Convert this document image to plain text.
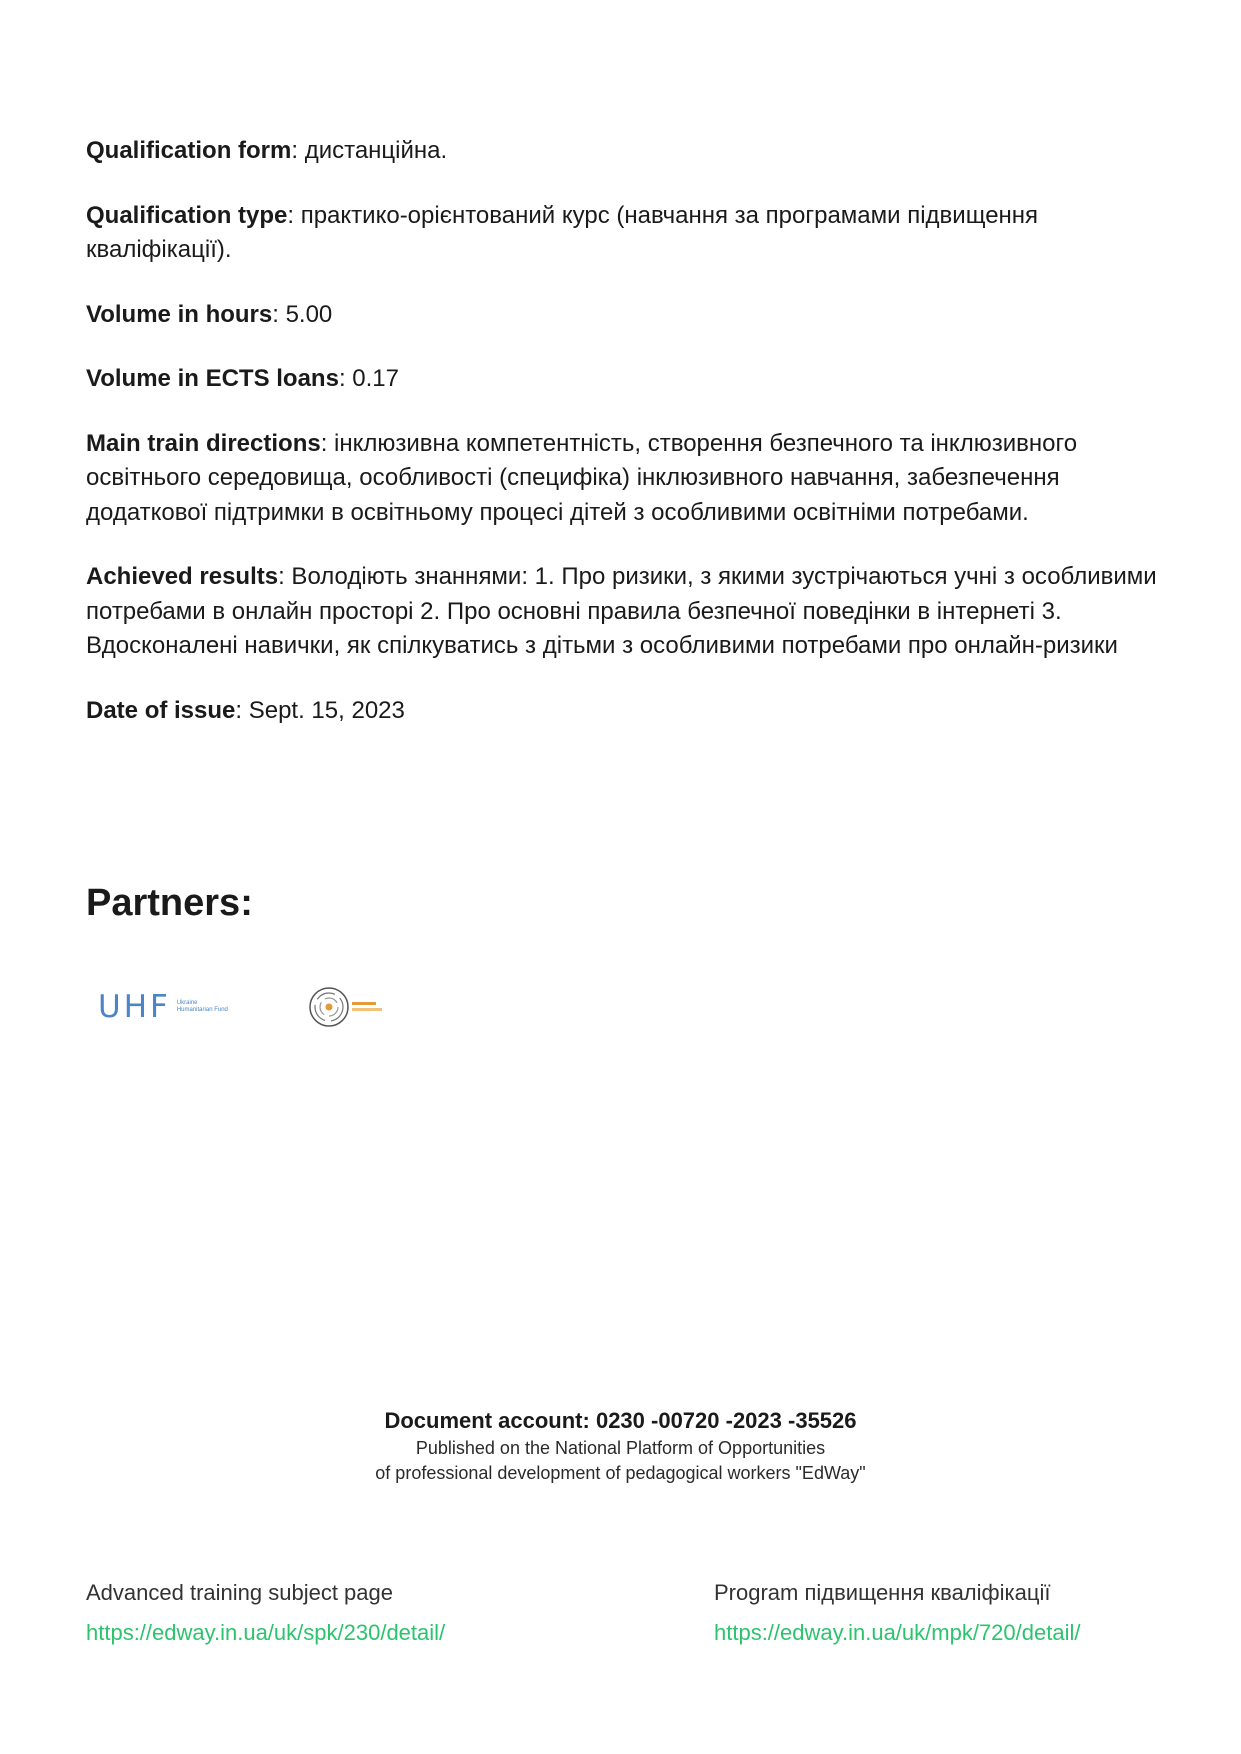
Qualification form: дистанційна.

Qualification type: практико-орієнтований курс (навчання за програмами підвищення кваліфікації).

Volume in hours: 5.00

Volume in ECTS loans: 0.17

Main train directions: інклюзивна компетентність, створення безпечного та інклюзивного освітнього середовища, особливості (специфіка) інклюзивного навчання, забезпечення додаткової підтримки в освітньому процесі дітей з особливими освітніми потребами.

Achieved results: Володіють знаннями: 1. Про ризики, з якими зустрічаються учні з особливими потребами в онлайн просторі 2. Про основні правила безпечної поведінки в інтернеті 3. Вдосконалені навички, як спілкуватись з дітьми з особливими потребами про онлайн-ризики

Date of issue: Sept. 15, 2023

Partners:
UHF Ukraine Humanitarian Fund
Document account: 0230 -00720 -2023 -35526
Published on the National Platform of Opportunities
of professional development of pedagogical workers "EdWay"
Advanced training subject page
https://edway.in.ua/uk/spk/230/detail/
Program підвищення кваліфікації
https://edway.in.ua/uk/mpk/720/detail/
